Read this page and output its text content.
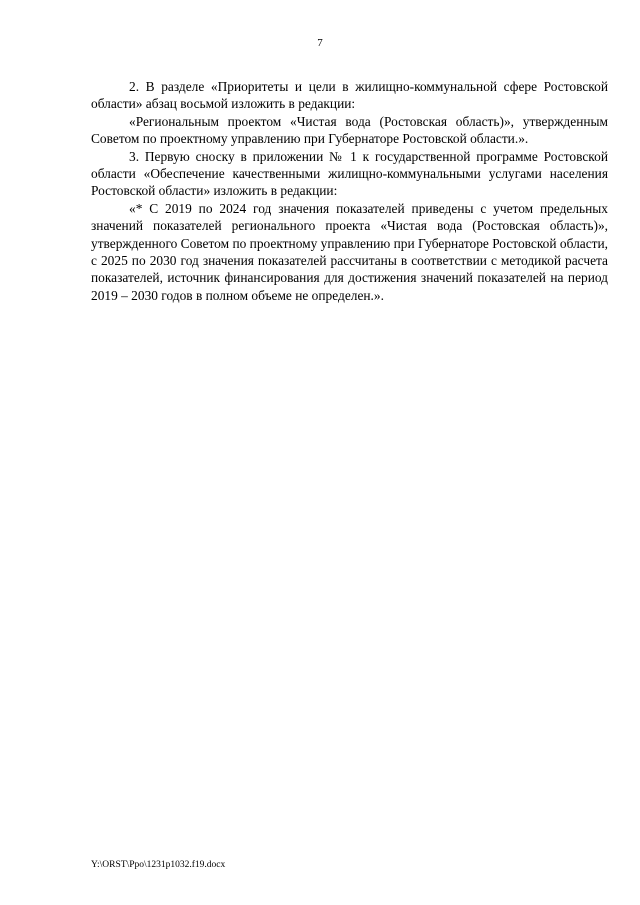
7

2. В разделе «Приоритеты и цели в жилищно-коммунальной сфере Ростовской области» абзац восьмой изложить в редакции:

«Региональным проектом «Чистая вода (Ростовская область)», утвержденным Советом по проектному управлению при Губернаторе Ростовской области.».

3. Первую сноску в приложении № 1 к государственной программе Ростовской области «Обеспечение качественными жилищно-коммунальными услугами населения Ростовской области» изложить в редакции:

«* С 2019 по 2024 год значения показателей приведены с учетом предельных значений показателей регионального проекта «Чистая вода (Ростовская область)», утвержденного Советом по проектному управлению при Губернаторе Ростовской области, с 2025 по 2030 год значения показателей рассчитаны в соответствии с методикой расчета показателей, источник финансирования для достижения значений показателей на период 2019 – 2030 годов в полном объеме не определен.».

Y:\ORST\Ppo\1231p1032.f19.docx
